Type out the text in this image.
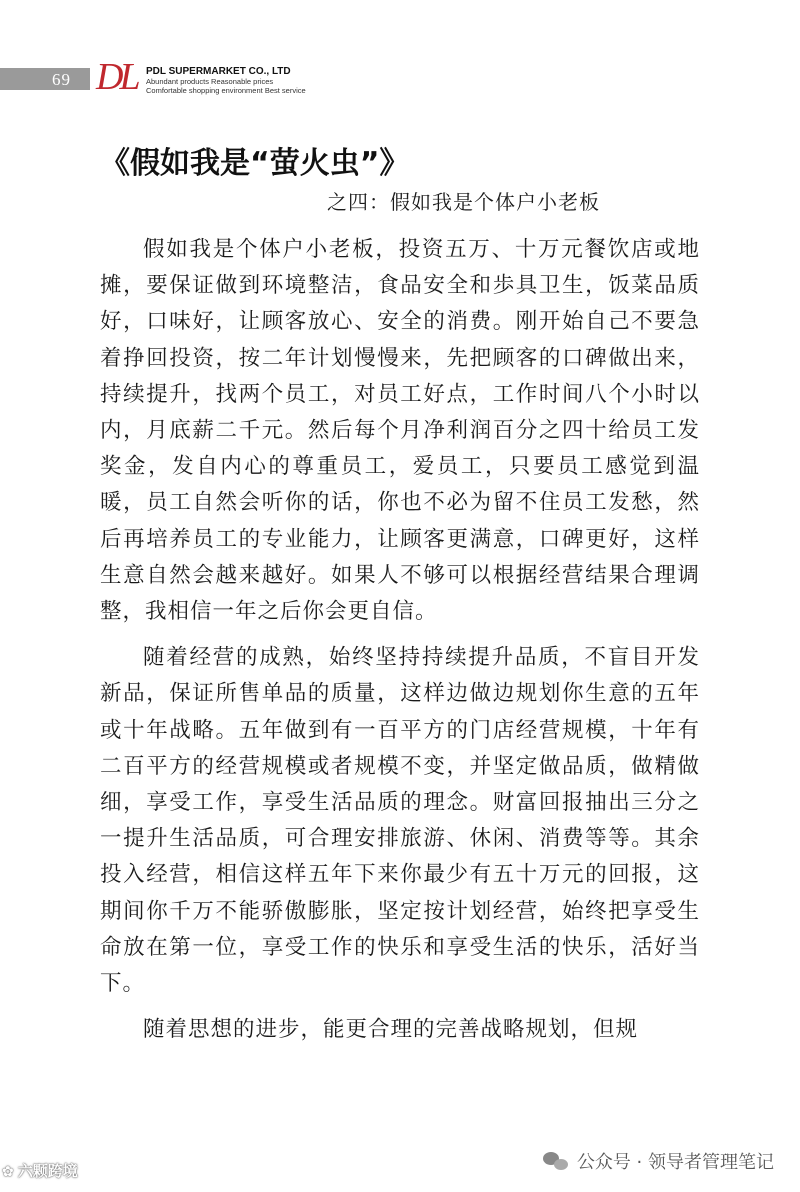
69 DL PDL SUPERMARKET CO., LTD
Abundant products Reasonable prices
Comfortable shopping environment Best service
《假如我是“萤火虫”》
之四：假如我是个体户小老板

假如我是个体户小老板，投资五万、十万元餐饮店或地摊，要保证做到环境整洁，食品安全和歩具卫生，饭菜品质好，口味好，让顾客放心、安全的消费。刚开始自己不要急着挣回投资，按二年计划慢慢来，先把顾客的口碑做出来，持续提升，找两个员工，对员工好点，工作时间八个小时以内，月底薪二千元。然后每个月净利润百分之四十给员工发奖金，发自内心的尊重员工，爱员工，只要员工感觉到温暖，员工自然会听你的话，你也不必为留不住员工发愁，然后再培养员工的专业能力，让顾客更满意，口碑更好，这样生意自然会越来越好。如果人不够可以根据经营结果合理调整，我相信一年之后你会更自信。

随着经营的成熟，始终坚持持续提升品质，不盲目开发新品，保证所售单品的质量，这样边做边规划你生意的五年或十年战略。五年做到有一百平方的门店经营规模，十年有二百平方的经营规模或者规模不变，并坚定做品质，做精做细，享受工作，享受生活品质的理念。财富回报抽出三分之一提升生活品质，可合理安排旅游、休闲、消费等等。其余投入经营，相信这样五年下来你最少有五十万元的回报，这期间你千万不能骄傲膨胀，坚定按计划经营，始终把享受生命放在第一位，享受工作的快乐和享受生活的快乐，活好当下。

随着思想的进步，能更合理的完善战略规划，但规

公众号 · 领导者管理笔记
✿ 六颗跨境
